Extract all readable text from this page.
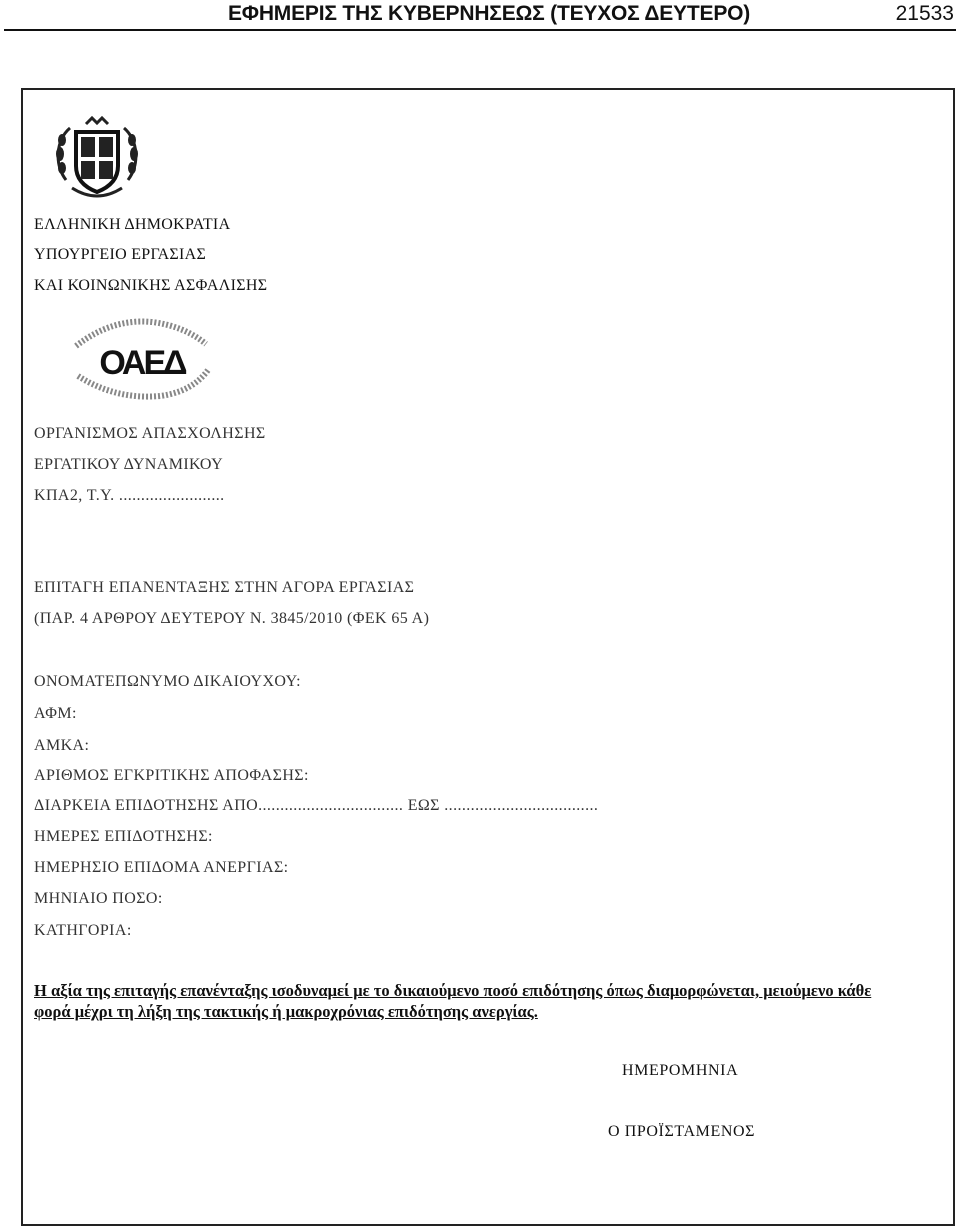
ΕΦΗΜΕΡΙΣ ΤΗΣ ΚΥΒΕΡΝΗΣΕΩΣ (ΤΕΥΧΟΣ ΔΕΥΤΕΡΟ)	21533
ΕΛΛΗΝΙΚΗ ΔΗΜΟΚΡΑΤΙΑ
ΥΠΟΥΡΓΕΙΟ ΕΡΓΑΣΙΑΣ
ΚΑΙ ΚΟΙΝΩΝΙΚΗΣ ΑΣΦΑΛΙΣΗΣ
ΟΑΕΔ
ΟΡΓΑΝΙΣΜΟΣ ΑΠΑΣΧΟΛΗΣΗΣ
ΕΡΓΑΤΙΚΟΥ ΔΥΝΑΜΙΚΟΥ
ΚΠΑ2, Τ.Υ. ........................
ΕΠΙΤΑΓΗ ΕΠΑΝΕΝΤΑΞΗΣ ΣΤΗΝ ΑΓΟΡΑ ΕΡΓΑΣΙΑΣ
(ΠΑΡ. 4 ΑΡΘΡΟΥ ΔΕΥΤΕΡΟΥ Ν. 3845/2010 (ΦΕΚ 65 Α)
ΟΝΟΜΑΤΕΠΩΝΥΜΟ ΔΙΚΑΙΟΥΧΟΥ:
ΑΦΜ:
ΑΜΚΑ:
ΑΡΙΘΜΟΣ ΕΓΚΡΙΤΙΚΗΣ ΑΠΟΦΑΣΗΣ:
ΔΙΑΡΚΕΙΑ ΕΠΙΔΟΤΗΣΗΣ ΑΠΟ................................. ΕΩΣ ...................................
ΗΜΕΡΕΣ ΕΠΙΔΟΤΗΣΗΣ:
ΗΜΕΡΗΣΙΟ ΕΠΙΔΟΜΑ ΑΝΕΡΓΙΑΣ:
ΜΗΝΙΑΙΟ ΠΟΣΟ:
ΚΑΤΗΓΟΡΙΑ:
Η αξία της επιταγής επανένταξης ισοδυναμεί με το δικαιούμενο ποσό επιδότησης όπως διαμορφώνεται, μειούμενο κάθε
φορά μέχρι τη λήξη της τακτικής ή μακροχρόνιας επιδότησης ανεργίας.
ΗΜΕΡΟΜΗΝΙΑ
Ο ΠΡΟΪΣΤΑΜΕΝΟΣ
